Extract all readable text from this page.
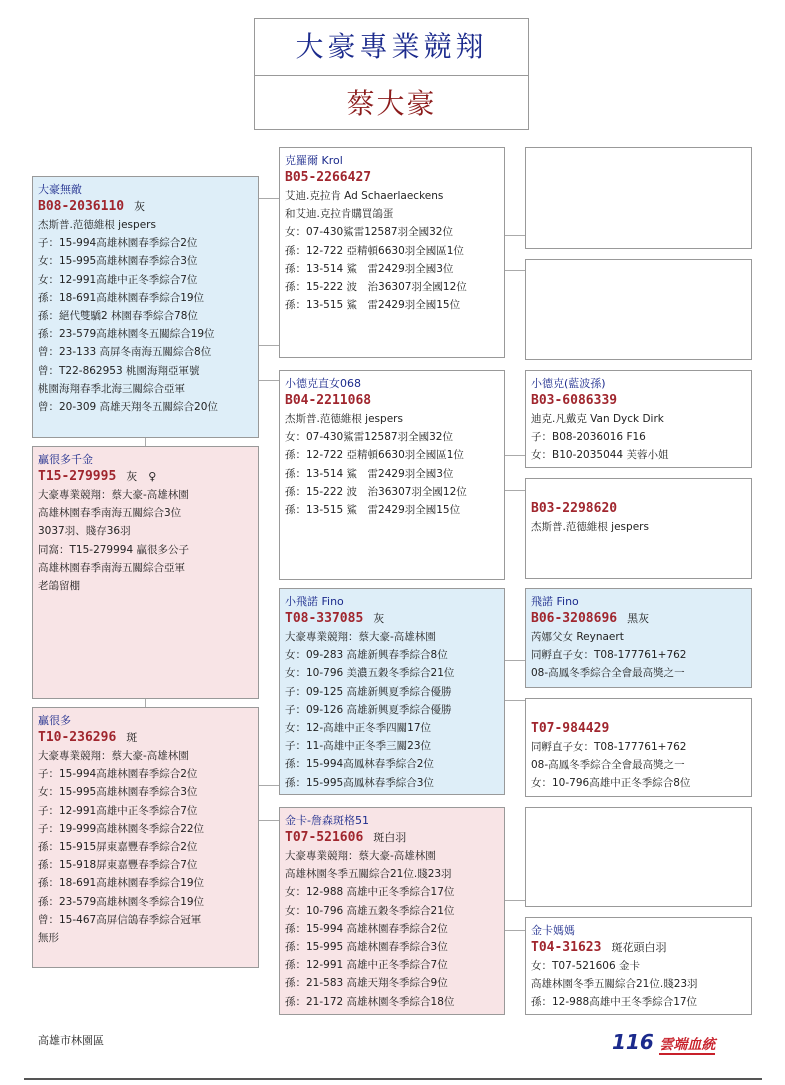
大豪專業競翔
蔡大豪
大豪無敵
B08-2036110 灰
杰斯普.范德維根 jespers
子：15-994高雄林園春季綜合2位
女：15-995高雄林園春季綜合3位
女：12-991高雄中正冬季綜合7位
孫：18-691高雄林園春季綜合19位
孫：絕代雙驕2 林園春季綜合78位
孫：23-579高雄林園冬五關綜合19位
曾：23-133 高屏冬南海五關綜合8位
曾：T22-862953 桃園海翔亞軍號
桃園海翔春季北海三關綜合亞軍
曾：20-309 高雄天翔冬五關綜合20位
贏很多千金
T15-279995 灰　♀
大豪專業競翔：蔡大豪-高雄林園
高雄林園春季南海五關綜合3位
3037羽、賤存36羽
同窩：T15-279994 贏很多公子
高雄林園春季南海五關綜合亞軍
老鴿留棚
贏很多
T10-236296 斑
大豪專業競翔：蔡大豪-高雄林園
子：15-994高雄林園春季綜合2位
女：15-995高雄林園春季綜合3位
子：12-991高雄中正冬季綜合7位
子：19-999高雄林園冬季綜合22位
孫：15-915屏東嘉豐春季綜合2位
孫：15-918屏東嘉豐春季綜合7位
孫：18-691高雄林園春季綜合19位
孫：23-579高雄林園冬季綜合19位
曾：15-467高屏信鴿春季綜合冠軍
無形
克羅爾 Krol
B05-2266427
艾迪.克拉肯 Ad Schaerlaeckens
和艾迪.克拉肯購買鴿蛋
女：07-430鯊雷12587羽全國32位
孫：12-722 亞精頓6630羽全國區1位
孫：13-514 鯊　雷2429羽全國3位
孫：15-222 波　治36307羽全國12位
孫：13-515 鯊　雷2429羽全國15位
小德克直女068
B04-2211068
杰斯普.范德維根 jespers
女：07-430鯊雷12587羽全國32位
孫：12-722 亞精頓6630羽全國區1位
孫：13-514 鯊　雷2429羽全國3位
孫：15-222 波　治36307羽全國12位
孫：13-515 鯊　雷2429羽全國15位
小德克(藍波孫)
B03-6086339
迪克.凡戴克 Van Dyck Dirk
子：B08-2036016 F16
女：B10-2035044 芙蓉小姐
B03-2298620
杰斯普.范德維根 jespers
小飛諾 Fino
T08-337085 灰
大豪專業競翔：蔡大豪-高雄林園
女：09-283 高雄新興春季綜合8位
女：10-796 美濃五穀冬季綜合21位
子：09-125 高雄新興夏季綜合優勝
子：09-126 高雄新興夏季綜合優勝
女：12-高雄中正冬季四關17位
子：11-高雄中正冬季三關23位
孫：15-994高鳳林春季綜合2位
孫：15-995高鳳林春季綜合3位
飛諾 Fino
B06-3208696 黑灰
芮娜父女 Reynaert
同孵直子女：T08-177761+762
08-高鳳冬季綜合全會最高獎之一
T07-984429
同孵直子女：T08-177761+762
08-高鳳冬季綜合全會最高獎之一
女：10-796高雄中正冬季綜合8位
金卡-詹森斑格51
T07-521606 斑白羽
大豪專業競翔：蔡大豪-高雄林園
高雄林園冬季五關綜合21位.賤23羽
女：12-988 高雄中正冬季綜合17位
女：10-796 高雄五穀冬季綜合21位
孫：15-994 高雄林園春季綜合2位
孫：15-995 高雄林園春季綜合3位
孫：12-991 高雄中正冬季綜合7位
孫：21-583 高雄天翔冬季綜合9位
孫：21-172 高雄林園冬季綜合18位
金卡媽媽
T04-31623 斑花頭白羽
女：T07-521606 金卡
高雄林園冬季五關綜合21位.賤23羽
孫：12-988高雄中王冬季綜合17位
高雄市林園區	116 雲端血統
